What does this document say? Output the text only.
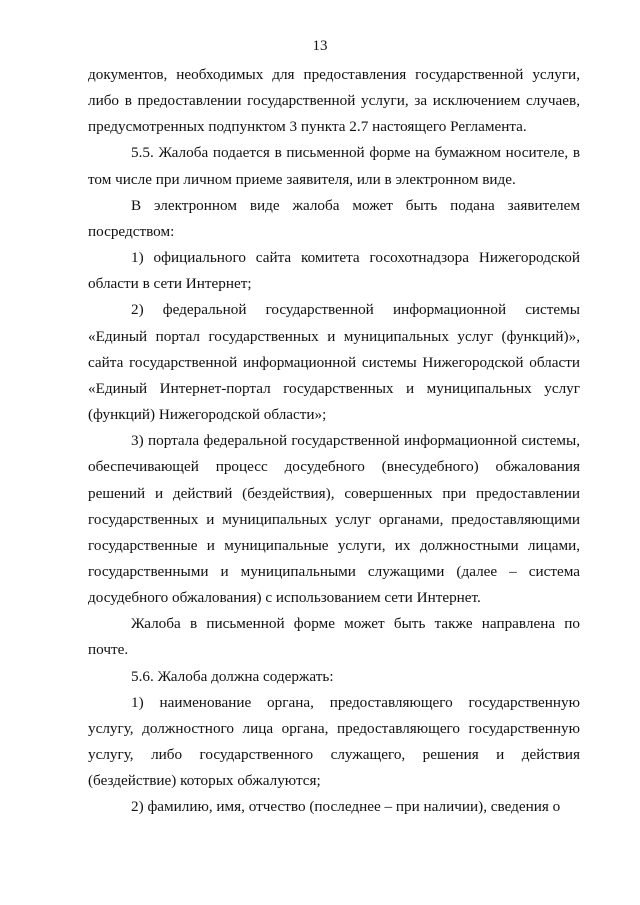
13

документов, необходимых для предоставления государственной услуги, либо в предоставлении государственной услуги, за исключением случаев, предусмотренных подпунктом 3 пункта 2.7 настоящего Регламента.

5.5. Жалоба подается в письменной форме на бумажном носителе, в том числе при личном приеме заявителя, или в электронном виде.

В электронном виде жалоба может быть подана заявителем посредством:

1) официального сайта комитета госохотнадзора Нижегородской области в сети Интернет;

2) федеральной государственной информационной системы «Единый портал государственных и муниципальных услуг (функций)», сайта государственной информационной системы Нижегородской области «Единый Интернет-портал государственных и муниципальных услуг (функций) Нижегородской области»;

3) портала федеральной государственной информационной системы, обеспечивающей процесс досудебного (внесудебного) обжалования решений и действий (бездействия), совершенных при предоставлении государственных и муниципальных услуг органами, предоставляющими государственные и муниципальные услуги, их должностными лицами, государственными и муниципальными служащими (далее – система досудебного обжалования) с использованием сети Интернет.

Жалоба в письменной форме может быть также направлена по почте.

5.6. Жалоба должна содержать:

1) наименование органа, предоставляющего государственную услугу, должностного лица органа, предоставляющего государственную услугу, либо государственного служащего, решения и действия (бездействие) которых обжалуются;

2) фамилию, имя, отчество (последнее – при наличии), сведения о
